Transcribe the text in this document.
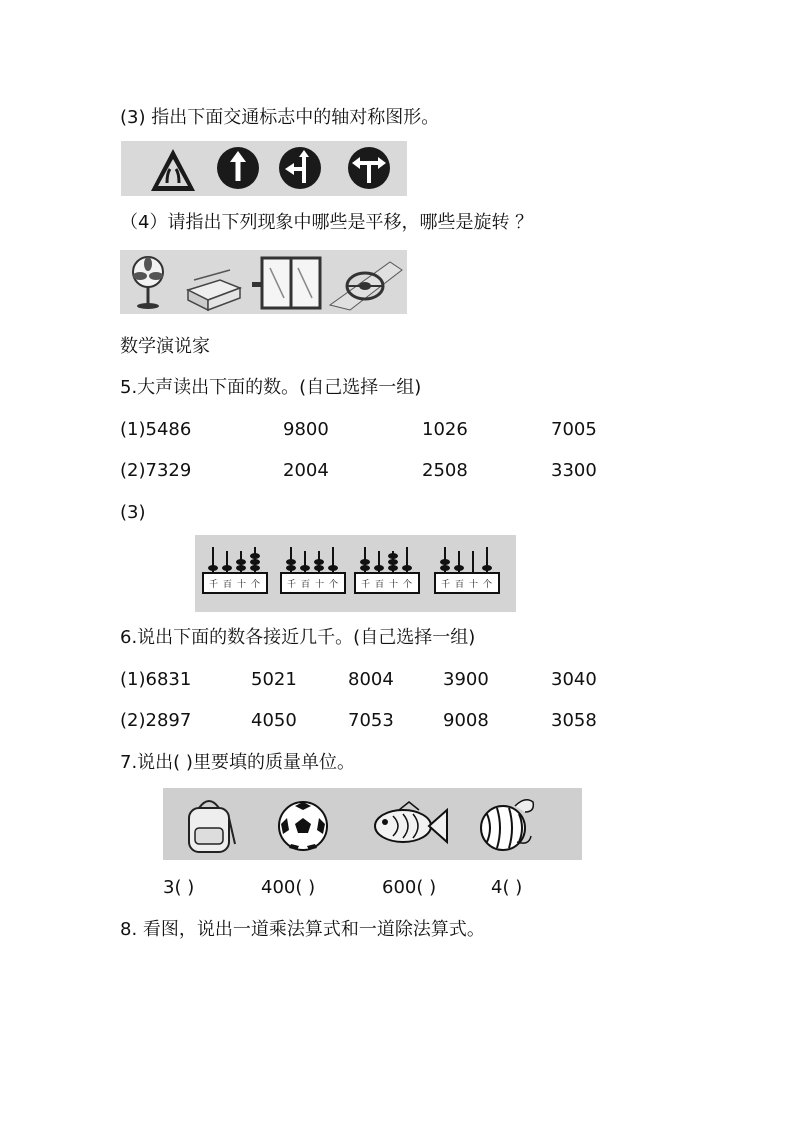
(3) 指出下面交通标志中的轴对称图形。
（4）请指出下列现象中哪些是平移，哪些是旋转 ？
数学演说家
5.大声读出下面的数。(自己选择一组)
(1)5486	9800	1026	7005
(2)7329	2004	2508	3300
(3)
千 百 十 个	千 百 十 个	千 百 十 个	千 百 十 个
6.说出下面的数各接近几千。(自己选择一组)
(1)6831	5021	8004	3900	3040
(2)2897	4050	7053	9008	3058
7.说出( )里要填的质量单位。
3( )	400( )	600( )	4( )
8. 看图，说出一道乘法算式和一道除法算式。
